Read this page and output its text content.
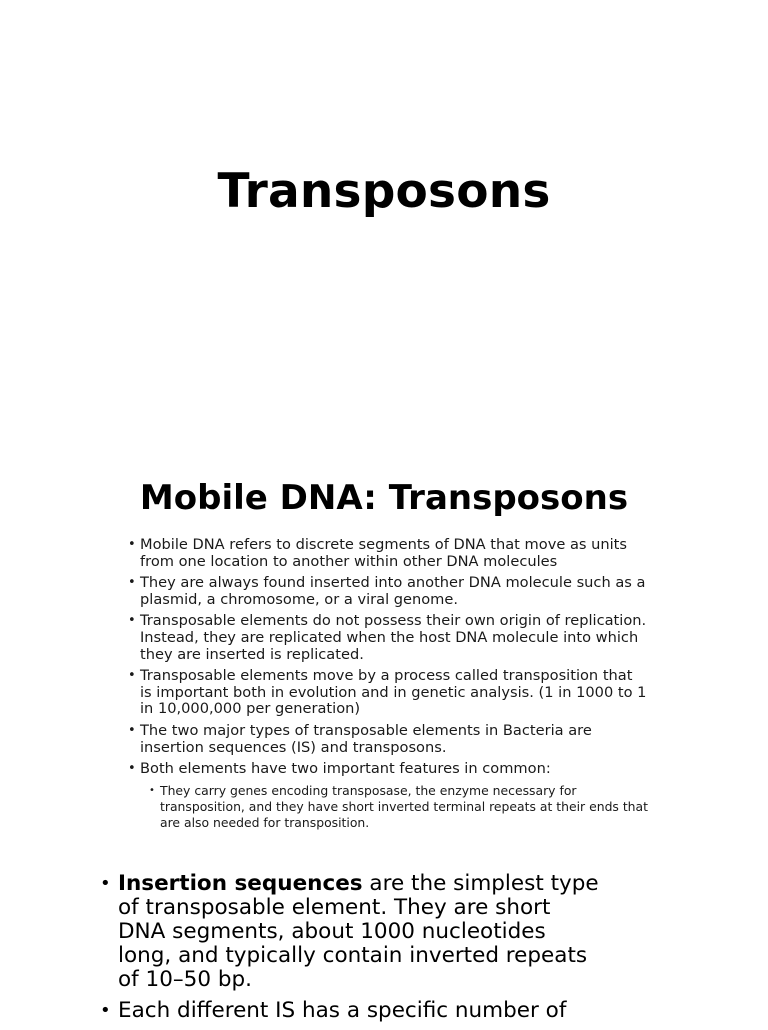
Transposons
Mobile DNA: Transposons
• Mobile DNA refers to discrete segments of DNA that move as units from one location to another within other DNA molecules
• They are always found inserted into another DNA molecule such as a plasmid, a chromosome, or a viral genome.
• Transposable elements do not possess their own origin of replication. Instead, they are replicated when the host DNA molecule into which they are inserted is replicated.
• Transposable elements move by a process called transposition that is important both in evolution and in genetic analysis. (1 in 1000 to 1 in 10,000,000 per generation)
• The two major types of transposable elements in Bacteria are insertion sequences (IS) and transposons.
• Both elements have two important features in common:
• They carry genes encoding transposase, the enzyme necessary for transposition, and they have short inverted terminal repeats at their ends that are also needed for transposition.
• Insertion sequences are the simplest type of transposable element. They are short DNA segments, about 1000 nucleotides long, and typically contain inverted repeats of 10–50 bp.
• Each different IS has a specific number of
